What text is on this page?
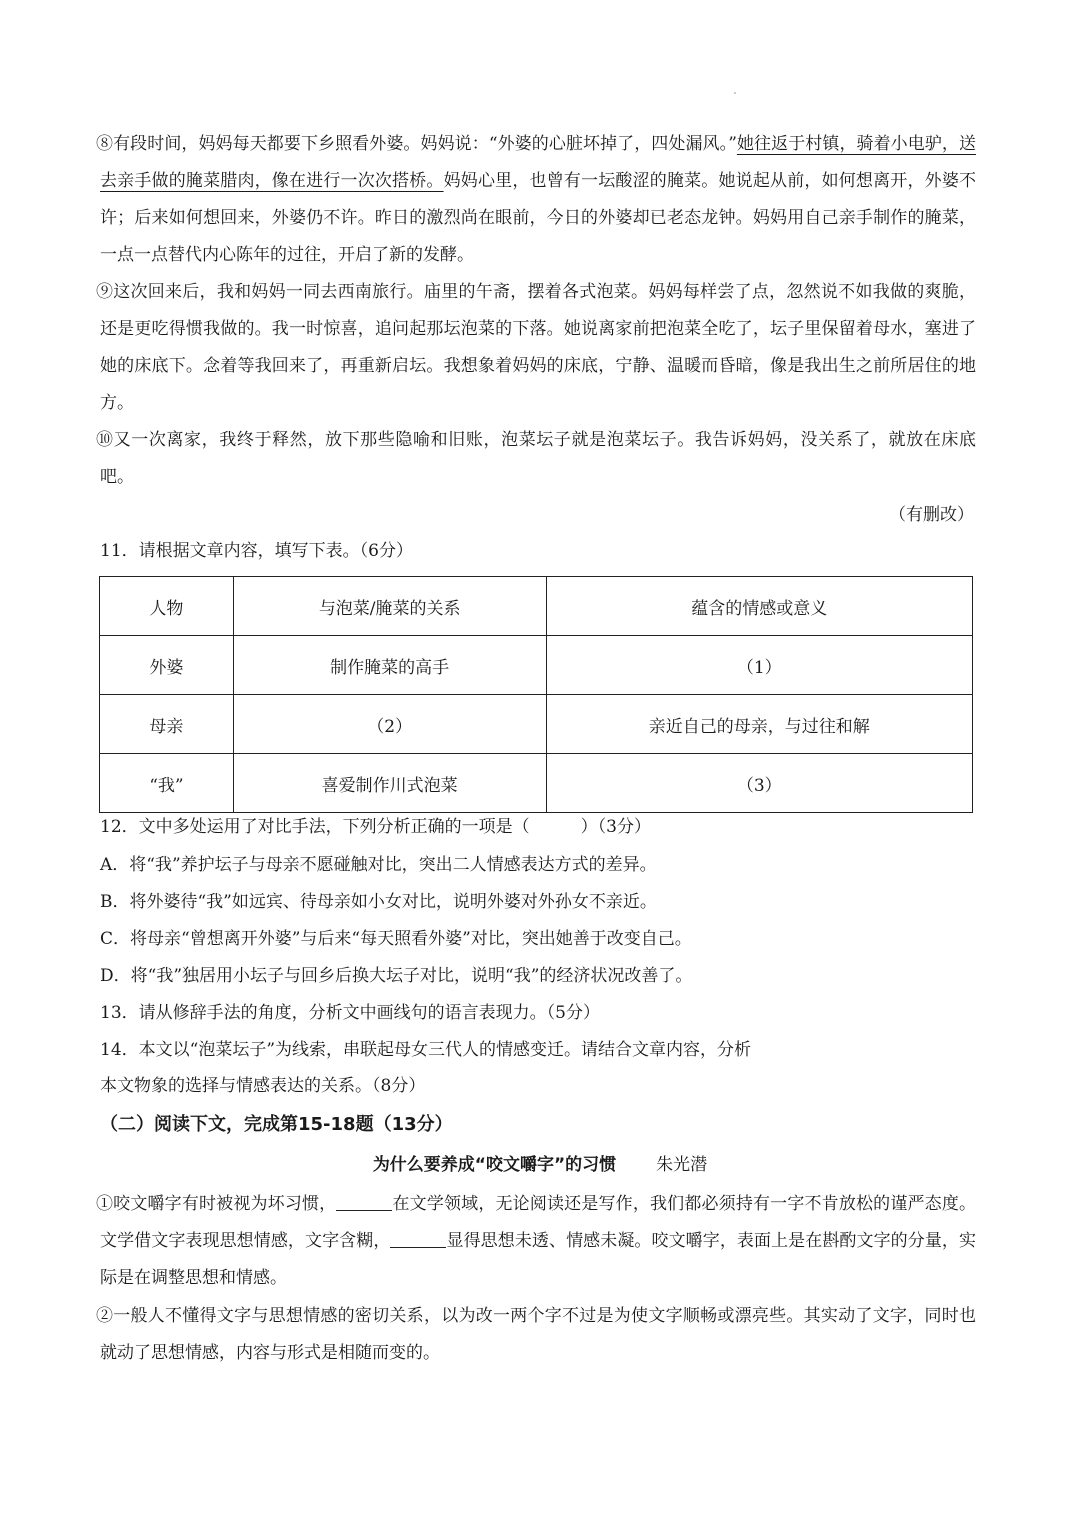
⑧有段时间，妈妈每天都要下乡照看外婆。妈妈说：“外婆的心脏坏掉了，四处漏风。”她往返于村镇，骑着小电驴，送去亲手做的腌菜腊肉，像在进行一次次搭桥。妈妈心里，也曾有一坛酸涩的腌菜。她说起从前，如何想离开，外婆不许；后来如何想回来，外婆仍不许。昨日的激烈尚在眼前，今日的外婆却已老态龙钟。妈妈用自己亲手制作的腌菜，一点一点替代内心陈年的过往，开启了新的发酵。

⑨这次回来后，我和妈妈一同去西南旅行。庙里的午斋，摆着各式泡菜。妈妈每样尝了点，忽然说不如我做的爽脆，还是更吃得惯我做的。我一时惊喜，追问起那坛泡菜的下落。她说离家前把泡菜全吃了，坛子里保留着母水，塞进了她的床底下。念着等我回来了，再重新启坛。我想象着妈妈的床底，宁静、温暖而昏暗，像是我出生之前所居住的地方。

⑩又一次离家，我终于释然，放下那些隐喻和旧账，泡菜坛子就是泡菜坛子。我告诉妈妈，没关系了，就放在床底吧。

（有删改）
11．请根据文章内容，填写下表。（6分）
人物	与泡菜/腌菜的关系	蕴含的情感或意义
外婆	制作腌菜的高手	（1）
母亲	（2）	亲近自己的母亲，与过往和解
“我”	喜爱制作川式泡菜	（3）
12．文中多处运用了对比手法，下列分析正确的一项是（　　　）（3分）
A．将“我”养护坛子与母亲不愿碰触对比，突出二人情感表达方式的差异。
B．将外婆待“我”如远宾、待母亲如小女对比，说明外婆对外孙女不亲近。
C．将母亲“曾想离开外婆”与后来“每天照看外婆”对比，突出她善于改变自己。
D．将“我”独居用小坛子与回乡后换大坛子对比，说明“我”的经济状况改善了。
13．请从修辞手法的角度，分析文中画线句的语言表现力。（5分）
14．本文以“泡菜坛子”为线索，串联起母女三代人的情感变迁。请结合文章内容，分析
本文物象的选择与情感表达的关系。（8分）
（二）阅读下文，完成第15-18题（13分）
为什么要养成“咬文嚼字”的习惯 朱光潜

①咬文嚼字有时被视为坏习惯，	在文学领域，无论阅读还是写作，我们都必须持有一字不肯放松的谨严态度。文学借文字表现思想情感，文字含糊，	显得思想未透、情感未凝。咬文嚼字，表面上是在斟酌文字的分量，实际是在调整思想和情感。

②一般人不懂得文字与思想情感的密切关系，以为改一两个字不过是为使文字顺畅或漂亮些。其实动了文字，同时也就动了思想情感，内容与形式是相随而变的。
